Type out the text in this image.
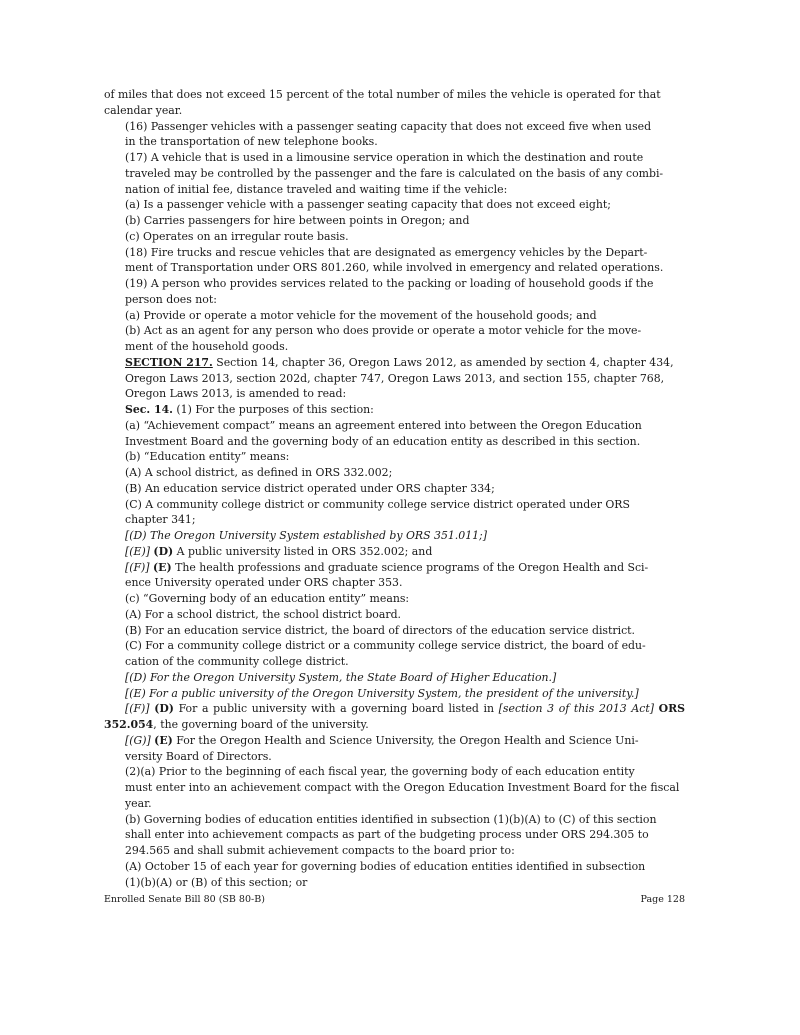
of miles that does not exceed 15 percent of the total number of miles the vehicle is operated for that
calendar year.

(16) Passenger vehicles with a passenger seating capacity that does not exceed five when used
in the transportation of new telephone books.

(17) A vehicle that is used in a limousine service operation in which the destination and route
traveled may be controlled by the passenger and the fare is calculated on the basis of any combi-
nation of initial fee, distance traveled and waiting time if the vehicle:

(a) Is a passenger vehicle with a passenger seating capacity that does not exceed eight;

(b) Carries passengers for hire between points in Oregon; and

(c) Operates on an irregular route basis.

(18) Fire trucks and rescue vehicles that are designated as emergency vehicles by the Depart-
ment of Transportation under ORS 801.260, while involved in emergency and related operations.

(19) A person who provides services related to the packing or loading of household goods if the
person does not:

(a) Provide or operate a motor vehicle for the movement of the household goods; and

(b) Act as an agent for any person who does provide or operate a motor vehicle for the move-
ment of the household goods.

SECTION 217. Section 14, chapter 36, Oregon Laws 2012, as amended by section 4, chapter 434,
Oregon Laws 2013, section 202d, chapter 747, Oregon Laws 2013, and section 155, chapter 768,
Oregon Laws 2013, is amended to read:

Sec. 14. (1) For the purposes of this section:

(a) “Achievement compact” means an agreement entered into between the Oregon Education
Investment Board and the governing body of an education entity as described in this section.

(b) “Education entity” means:

(A) A school district, as defined in ORS 332.002;

(B) An education service district operated under ORS chapter 334;

(C) A community college district or community college service district operated under ORS
chapter 341;

[(D) The Oregon University System established by ORS 351.011;]

[(E)] (D) A public university listed in ORS 352.002; and

[(F)] (E) The health professions and graduate science programs of the Oregon Health and Sci-
ence University operated under ORS chapter 353.

(c) “Governing body of an education entity” means:

(A) For a school district, the school district board.

(B) For an education service district, the board of directors of the education service district.

(C) For a community college district or a community college service district, the board of edu-
cation of the community college district.

[(D) For the Oregon University System, the State Board of Higher Education.]

[(E) For a public university of the Oregon University System, the president of the university.]

[(F)] (D) For a public university with a governing board listed in [section 3 of this 2013 Act] ORS 352.054, the governing board of the university.

[(G)] (E) For the Oregon Health and Science University, the Oregon Health and Science Uni-
versity Board of Directors.

(2)(a) Prior to the beginning of each fiscal year, the governing body of each education entity
must enter into an achievement compact with the Oregon Education Investment Board for the fiscal
year.

(b) Governing bodies of education entities identified in subsection (1)(b)(A) to (C) of this section
shall enter into achievement compacts as part of the budgeting process under ORS 294.305 to
294.565 and shall submit achievement compacts to the board prior to:

(A) October 15 of each year for governing bodies of education entities identified in subsection
(1)(b)(A) or (B) of this section; or

Enrolled Senate Bill 80 (SB 80-B)	Page 128
